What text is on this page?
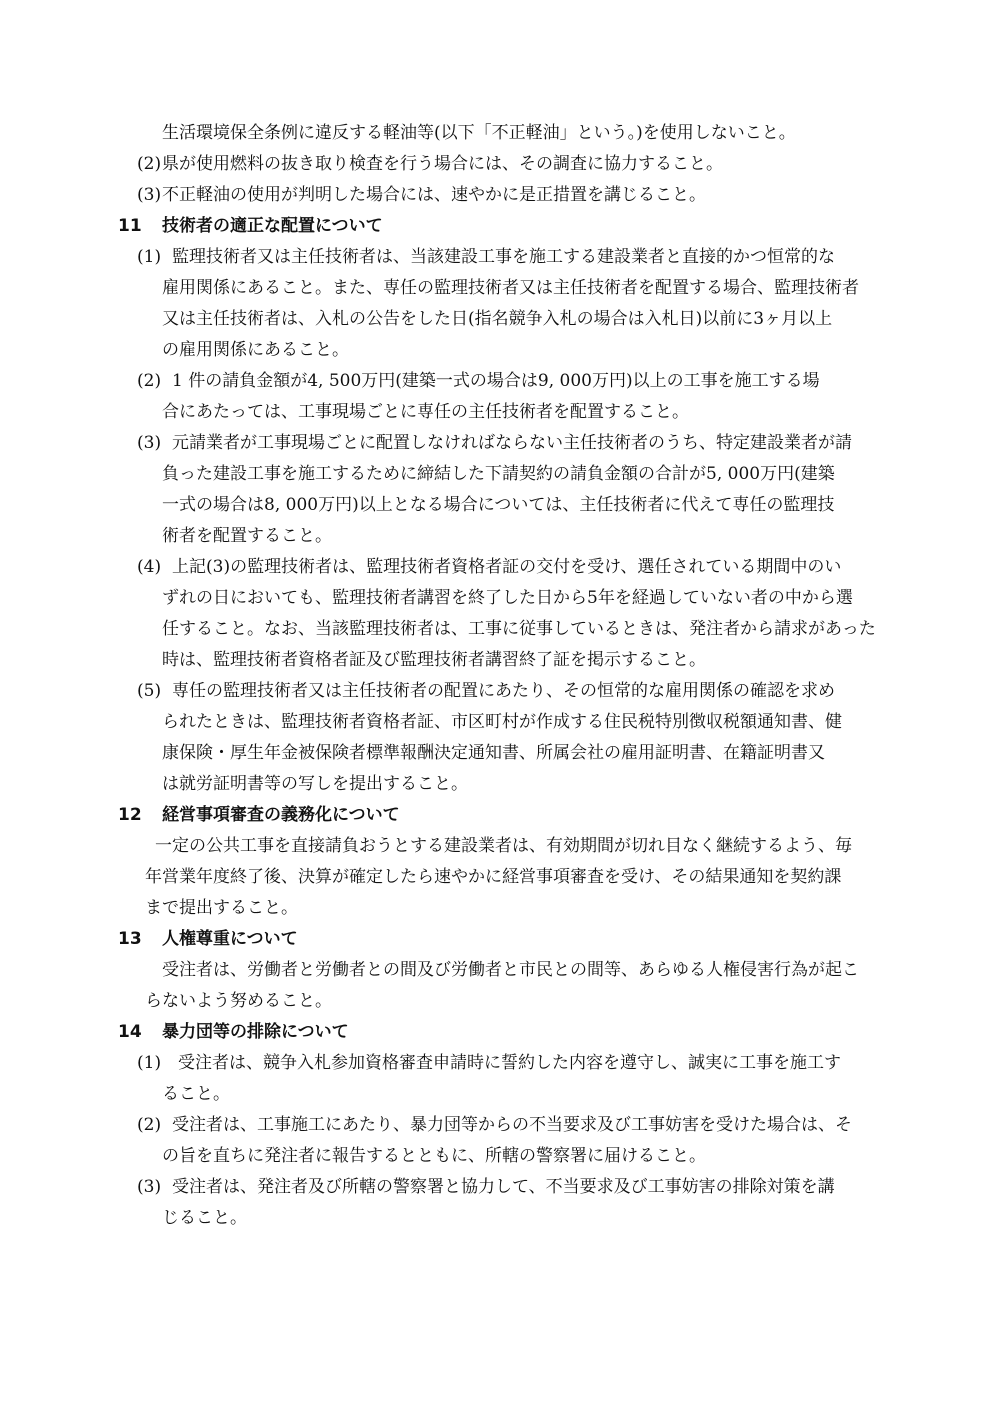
生活環境保全条例に違反する軽油等(以下「不正軽油」という。)を使用しないこと。
(2) 県が使用燃料の抜き取り検査を行う場合には、その調査に協力すること。
(3) 不正軽油の使用が判明した場合には、速やかに是正措置を講じること。
11 技術者の適正な配置について
(1) 監理技術者又は主任技術者は、当該建設工事を施工する建設業者と直接的かつ恒常的な
雇用関係にあること。また、専任の監理技術者又は主任技術者を配置する場合、監理技術者
又は主任技術者は、入札の公告をした日(指名競争入札の場合は入札日)以前に3ヶ月以上
の雇用関係にあること。
(2) 1 件の請負金額が4, 500万円(建築一式の場合は9, 000万円)以上の工事を施工する場
合にあたっては、工事現場ごとに専任の主任技術者を配置すること。
(3) 元請業者が工事現場ごとに配置しなければならない主任技術者のうち、特定建設業者が請
負った建設工事を施工するために締結した下請契約の請負金額の合計が5, 000万円(建築
一式の場合は8, 000万円)以上となる場合については、主任技術者に代えて専任の監理技
術者を配置すること。
(4) 上記(3)の監理技術者は、監理技術者資格者証の交付を受け、選任されている期間中のい
ずれの日においても、監理技術者講習を終了した日から5年を経過していない者の中から選
任すること。なお、当該監理技術者は、工事に従事しているときは、発注者から請求があった
時は、監理技術者資格者証及び監理技術者講習終了証を掲示すること。
(5) 専任の監理技術者又は主任技術者の配置にあたり、その恒常的な雇用関係の確認を求め
られたときは、監理技術者資格者証、市区町村が作成する住民税特別徴収税額通知書、健
康保険・厚生年金被保険者標準報酬決定通知書、所属会社の雇用証明書、在籍証明書又
は就労証明書等の写しを提出すること。
12 経営事項審査の義務化について
一定の公共工事を直接請負おうとする建設業者は、有効期間が切れ目なく継続するよう、毎
年営業年度終了後、決算が確定したら速やかに経営事項審査を受け、その結果通知を契約課
まで提出すること。
13 人権尊重について
受注者は、労働者と労働者との間及び労働者と市民との間等、あらゆる人権侵害行為が起こ
らないよう努めること。
14 暴力団等の排除について
(1) 受注者は、競争入札参加資格審査申請時に誓約した内容を遵守し、誠実に工事を施工す
ること。
(2) 受注者は、工事施工にあたり、暴力団等からの不当要求及び工事妨害を受けた場合は、そ
の旨を直ちに発注者に報告するとともに、所轄の警察署に届けること。
(3) 受注者は、発注者及び所轄の警察署と協力して、不当要求及び工事妨害の排除対策を講
じること。
